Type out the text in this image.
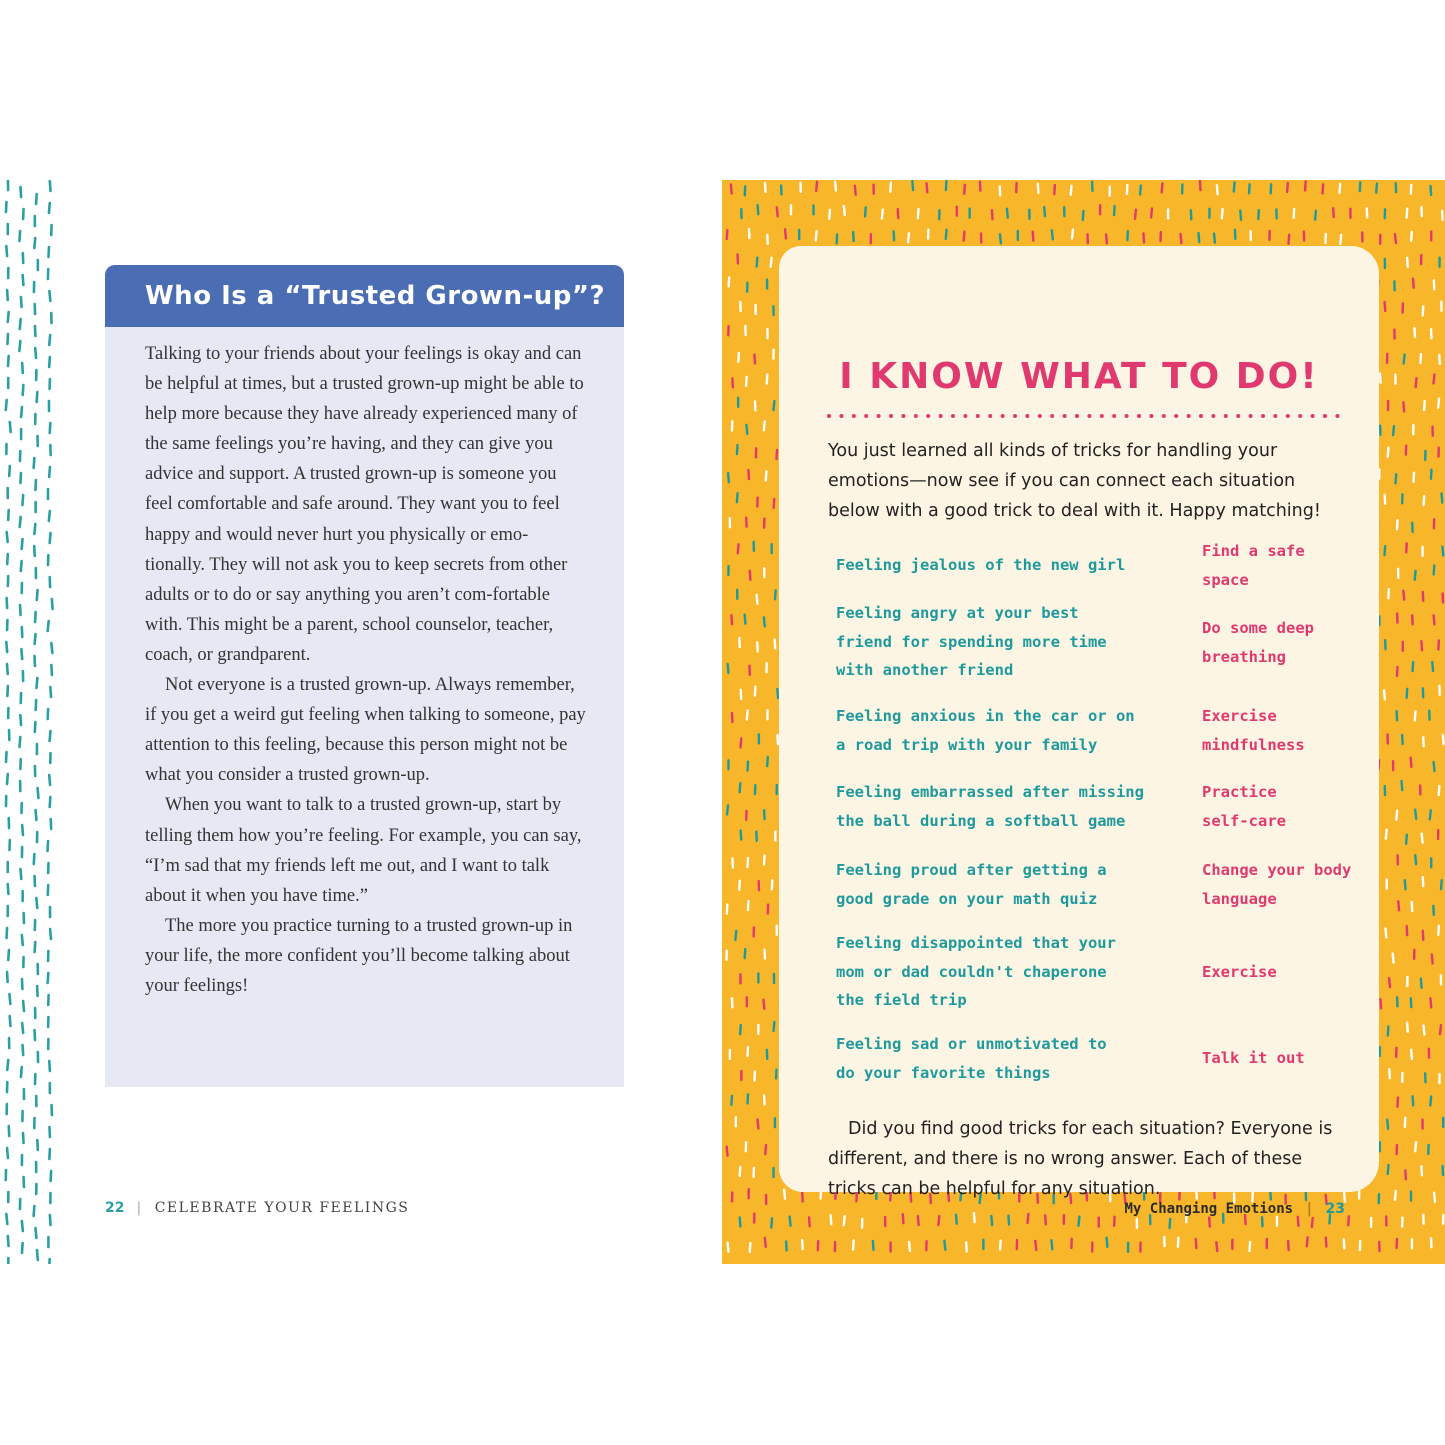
Who Is a “Trusted Grown-up”?

Talking to your friends about your feelings is okay and can be helpful at times, but a trusted grown-up might be able to help more because they have already experienced many of the same feelings you’re having, and they can give you advice and support. A trusted grown-up is someone you feel comfortable and safe around. They want you to feel happy and would never hurt you physically or emo-tionally. They will not ask you to keep secrets from other adults or to do or say anything you aren’t com-fortable with. This might be a parent, school counselor, teacher, coach, or grandparent.

Not everyone is a trusted grown-up. Always remember, if you get a weird gut feeling when talking to someone, pay attention to this feeling, because this person might not be what you consider a trusted grown-up.

When you want to talk to a trusted grown-up, start by telling them how you’re feeling. For example, you can say, “I’m sad that my friends left me out, and I want to talk about it when you have time.”

The more you practice turning to a trusted grown-up in your life, the more confident you’ll become talking about your feelings!

22 | CELEBRATE YOUR FEELINGS
I KNOW WHAT TO DO!
You just learned all kinds of tricks for handling your emotions—now see if you can connect each situation below with a good trick to deal with it. Happy matching!
Feeling jealous of the new girl
Feeling angry at your best friend for spending more time with another friend
Feeling anxious in the car or on a road trip with your family
Feeling embarrassed after missing the ball during a softball game
Feeling proud after getting a good grade on your math quiz
Feeling disappointed that your mom or dad couldn't chaperone the field trip
Feeling sad or unmotivated to do your favorite things
Find a safe space
Do some deep breathing
Exercise mindfulness
Practice self-care
Change your body language
Exercise
Talk it out
Did you find good tricks for each situation? Everyone is different, and there is no wrong answer. Each of these tricks can be helpful for any situation.
My Changing Emotions | 23
